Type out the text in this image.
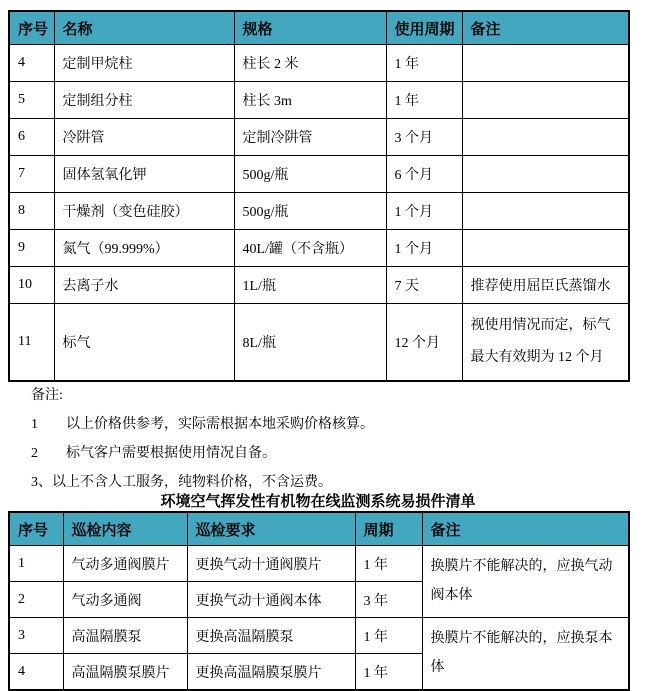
序号	名称	规格	使用周期	备注
4	定制甲烷柱	柱长 2 米	1 年	
5	定制组分柱	柱长 3m	1 年	
6	冷阱管	定制冷阱管	3 个月	
7	固体氢氧化钾	500g/瓶	6 个月	
8	干燥剂（变色硅胶）	500g/瓶	1 个月	
9	氮气（99.999%）	40L/罐（不含瓶）	1 个月	
10	去离子水	1L/瓶	7 天	推荐使用屈臣氏蒸馏水
11	标气	8L/瓶	12 个月	视使用情况而定，标气最大有效期为 12 个月

备注:

1 以上价格供参考，实际需根据本地采购价格核算。

2 标气客户需要根据使用情况自备。

3、以上不含人工服务，纯物料价格，不含运费。

环境空气挥发性有机物在线监测系统易损件清单
序号	巡检内容	巡检要求	周期	备注
1	气动多通阀膜片	更换气动十通阀膜片	1 年	换膜片不能解决的，应换气动阀本体
2	气动多通阀	更换气动十通阀本体	3 年	
3	高温隔膜泵	更换高温隔膜泵	1 年	换膜片不能解决的，应换泵本体
4	高温隔膜泵膜片	更换高温隔膜泵膜片	1 年	
